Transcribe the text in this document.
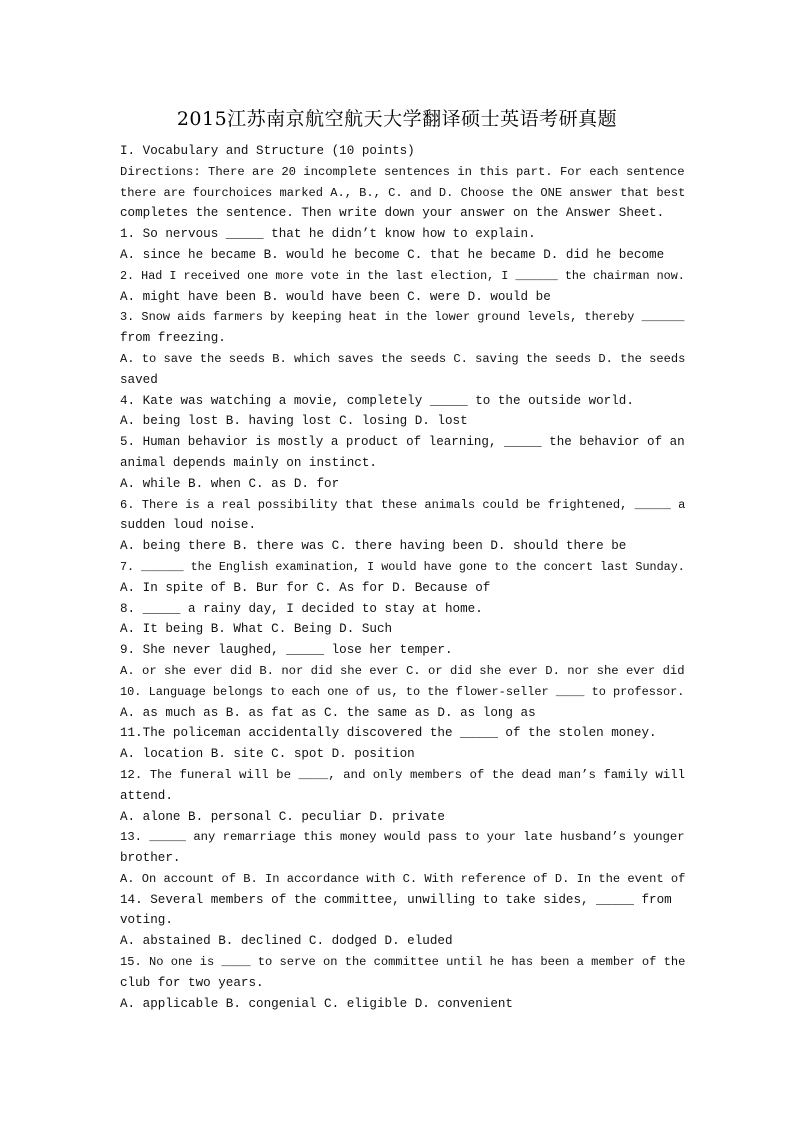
2015江苏南京航空航天大学翻译硕士英语考研真题
I. Vocabulary and Structure (10 points)
Directions: There are 20 incomplete sentences in this part. For each sentence
there are fourchoices marked A., B., C. and D. Choose the ONE answer that best
completes the sentence. Then write down your answer on the Answer Sheet.
1. So nervous _____ that he didn’t know how to explain.
A. since he became B. would he become C. that he became D. did he become
2. Had I received one more vote in the last election, I ______ the chairman now.
A. might have been B. would have been C. were D. would be
3. Snow aids farmers by keeping heat in the lower ground levels, thereby ______
from freezing.
A. to save the seeds B. which saves the seeds C. saving the seeds D. the seeds
saved
4. Kate was watching a movie, completely _____ to the outside world.
A. being lost B. having lost C. losing D. lost
5. Human behavior is mostly a product of learning, _____ the behavior of an
animal depends mainly on instinct.
A. while B. when C. as D. for
6. There is a real possibility that these animals could be frightened, _____ a
sudden loud noise.
A. being there B. there was C. there having been D. should there be
7. ______ the English examination, I would have gone to the concert last Sunday.
A. In spite of B. Bur for C. As for D. Because of
8. _____ a rainy day, I decided to stay at home.
A. It being B. What C. Being D. Such
9. She never laughed, _____ lose her temper.
A. or she ever did B. nor did she ever C. or did she ever D. nor she ever did
10. Language belongs to each one of us, to the flower-seller ____ to professor.
A. as much as B. as fat as C. the same as D. as long as
11.The policeman accidentally discovered the _____ of the stolen money.
A. location B. site C. spot D. position
12. The funeral will be ____, and only members of the dead man’s family will
attend.
A. alone B. personal C. peculiar D. private
13. _____ any remarriage this money would pass to your late husband’s younger
brother.
A. On account of B. In accordance with C. With reference of D. In the event of
14. Several members of the committee, unwilling to take sides, _____ from
voting.
A. abstained B. declined C. dodged D. eluded
15. No one is ____ to serve on the committee until he has been a member of the
club for two years.
A. applicable B. congenial C. eligible D. convenient
